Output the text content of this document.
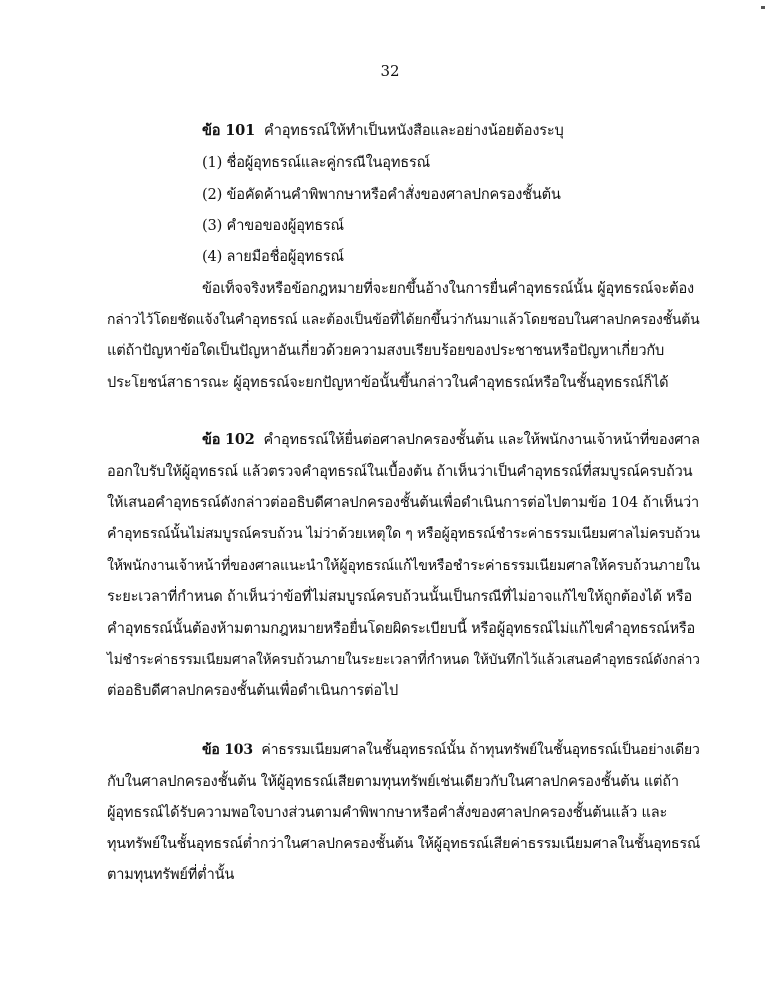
32
ข้อ 101 คำอุทธรณ์ให้ทำเป็นหนังสือและอย่างน้อยต้องระบุ
(1) ชื่อผู้อุทธรณ์และคู่กรณีในอุทธรณ์
(2) ข้อคัดค้านคำพิพากษาหรือคำสั่งของศาลปกครองชั้นต้น
(3) คำขอของผู้อุทธรณ์
(4) ลายมือชื่อผู้อุทธรณ์
ข้อเท็จจริงหรือข้อกฎหมายที่จะยกขึ้นอ้างในการยื่นคำอุทธรณ์นั้น ผู้อุทธรณ์จะต้อง
กล่าวไว้โดยชัดแจ้งในคำอุทธรณ์ และต้องเป็นข้อที่ได้ยกขึ้นว่ากันมาแล้วโดยชอบในศาลปกครองชั้นต้น
แต่ถ้าปัญหาข้อใดเป็นปัญหาอันเกี่ยวด้วยความสงบเรียบร้อยของประชาชนหรือปัญหาเกี่ยวกับ
ประโยชน์สาธารณะ ผู้อุทธรณ์จะยกปัญหาข้อนั้นขึ้นกล่าวในคำอุทธรณ์หรือในชั้นอุทธรณ์ก็ได้
ข้อ 102 คำอุทธรณ์ให้ยื่นต่อศาลปกครองชั้นต้น และให้พนักงานเจ้าหน้าที่ของศาล
ออกใบรับให้ผู้อุทธรณ์ แล้วตรวจคำอุทธรณ์ในเบื้องต้น ถ้าเห็นว่าเป็นคำอุทธรณ์ที่สมบูรณ์ครบถ้วน
ให้เสนอคำอุทธรณ์ดังกล่าวต่ออธิบดีศาลปกครองชั้นต้นเพื่อดำเนินการต่อไปตามข้อ 104 ถ้าเห็นว่า
คำอุทธรณ์นั้นไม่สมบูรณ์ครบถ้วน ไม่ว่าด้วยเหตุใด ๆ หรือผู้อุทธรณ์ชำระค่าธรรมเนียมศาลไม่ครบถ้วน
ให้พนักงานเจ้าหน้าที่ของศาลแนะนำให้ผู้อุทธรณ์แก้ไขหรือชำระค่าธรรมเนียมศาลให้ครบถ้วนภายใน
ระยะเวลาที่กำหนด ถ้าเห็นว่าข้อที่ไม่สมบูรณ์ครบถ้วนนั้นเป็นกรณีที่ไม่อาจแก้ไขให้ถูกต้องได้ หรือ
คำอุทธรณ์นั้นต้องห้ามตามกฎหมายหรือยื่นโดยผิดระเบียบนี้ หรือผู้อุทธรณ์ไม่แก้ไขคำอุทธรณ์หรือ
ไม่ชำระค่าธรรมเนียมศาลให้ครบถ้วนภายในระยะเวลาที่กำหนด ให้บันทึกไว้แล้วเสนอคำอุทธรณ์ดังกล่าว
ต่ออธิบดีศาลปกครองชั้นต้นเพื่อดำเนินการต่อไป
ข้อ 103 ค่าธรรมเนียมศาลในชั้นอุทธรณ์นั้น ถ้าทุนทรัพย์ในชั้นอุทธรณ์เป็นอย่างเดียว
กับในศาลปกครองชั้นต้น ให้ผู้อุทธรณ์เสียตามทุนทรัพย์เช่นเดียวกับในศาลปกครองชั้นต้น แต่ถ้า
ผู้อุทธรณ์ได้รับความพอใจบางส่วนตามคำพิพากษาหรือคำสั่งของศาลปกครองชั้นต้นแล้ว และ
ทุนทรัพย์ในชั้นอุทธรณ์ต่ำกว่าในศาลปกครองชั้นต้น ให้ผู้อุทธรณ์เสียค่าธรรมเนียมศาลในชั้นอุทธรณ์
ตามทุนทรัพย์ที่ต่ำนั้น
